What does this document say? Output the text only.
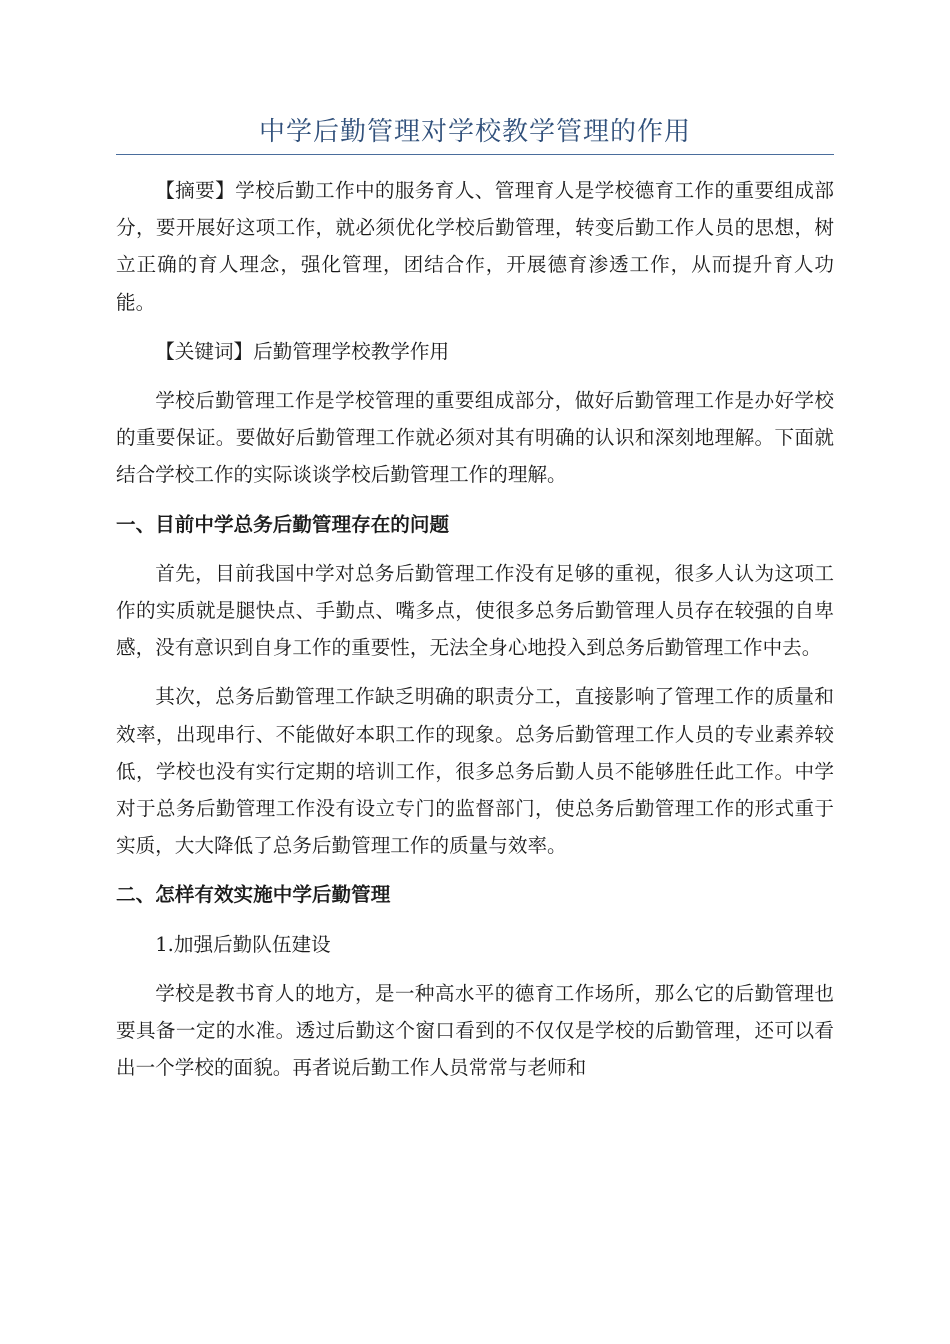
中学后勤管理对学校教学管理的作用

【摘要】学校后勤工作中的服务育人、管理育人是学校德育工作的重要组成部分，要开展好这项工作，就必须优化学校后勤管理，转变后勤工作人员的思想，树立正确的育人理念，强化管理，团结合作，开展德育渗透工作，从而提升育人功能。

【关键词】后勤管理学校教学作用

学校后勤管理工作是学校管理的重要组成部分，做好后勤管理工作是办好学校的重要保证。要做好后勤管理工作就必须对其有明确的认识和深刻地理解。下面就结合学校工作的实际谈谈学校后勤管理工作的理解。

一、目前中学总务后勤管理存在的问题

首先，目前我国中学对总务后勤管理工作没有足够的重视，很多人认为这项工作的实质就是腿快点、手勤点、嘴多点，使很多总务后勤管理人员存在较强的自卑感，没有意识到自身工作的重要性，无法全身心地投入到总务后勤管理工作中去。

其次，总务后勤管理工作缺乏明确的职责分工，直接影响了管理工作的质量和效率，出现串行、不能做好本职工作的现象。总务后勤管理工作人员的专业素养较低，学校也没有实行定期的培训工作，很多总务后勤人员不能够胜任此工作。中学对于总务后勤管理工作没有设立专门的监督部门，使总务后勤管理工作的形式重于实质，大大降低了总务后勤管理工作的质量与效率。

二、怎样有效实施中学后勤管理

1.加强后勤队伍建设

学校是教书育人的地方，是一种高水平的德育工作场所，那么它的后勤管理也要具备一定的水准。透过后勤这个窗口看到的不仅仅是学校的后勤管理，还可以看出一个学校的面貌。再者说后勤工作人员常常与老师和
